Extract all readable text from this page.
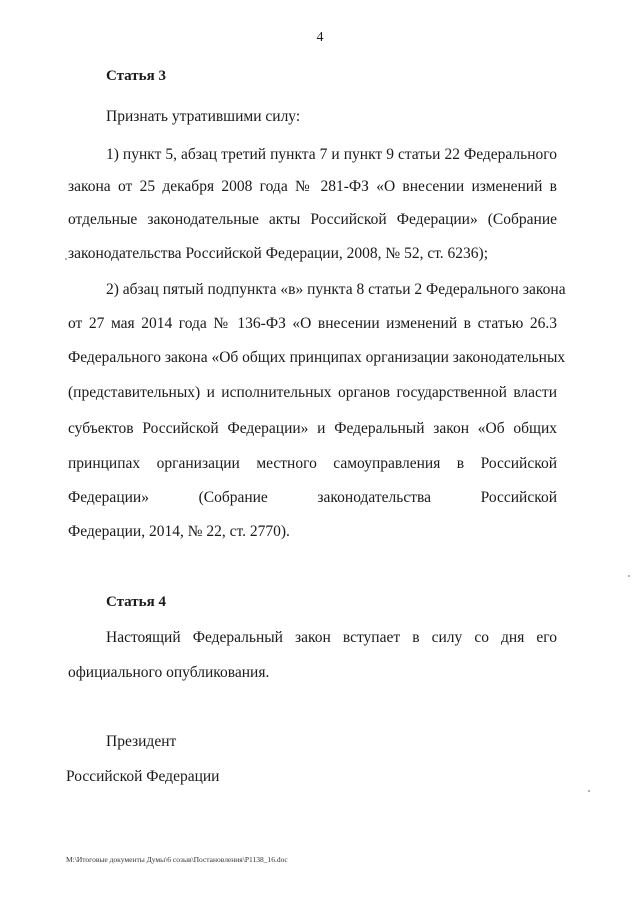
4
Статья 3
Признать утратившими силу:
1) пункт 5, абзац третий пункта 7 и пункт 9 статьи 22 Федерального
закона от 25 декабря 2008 года № 281-ФЗ «О внесении изменений в
отдельные законодательные акты Российской Федерации» (Собрание
законодательства Российской Федерации, 2008, № 52, ст. 6236);
2) абзац пятый подпункта «в» пункта 8 статьи 2 Федерального закона
от 27 мая 2014 года № 136-ФЗ «О внесении изменений в статью 26.3
Федерального закона «Об общих принципах организации законодательных
(представительных) и исполнительных органов государственной власти
субъектов Российской Федерации» и Федеральный закон «Об общих
принципах организации местного самоуправления в Российской
Федерации» (Собрание законодательства Российской
Федерации, 2014, № 22, ст. 2770).
Статья 4
Настоящий Федеральный закон вступает в силу со дня его
официального опубликования.
Президент
Российской Федерации
M:\Итоговые документы Думы\6 созыв\Постановления\P1138_16.doc
